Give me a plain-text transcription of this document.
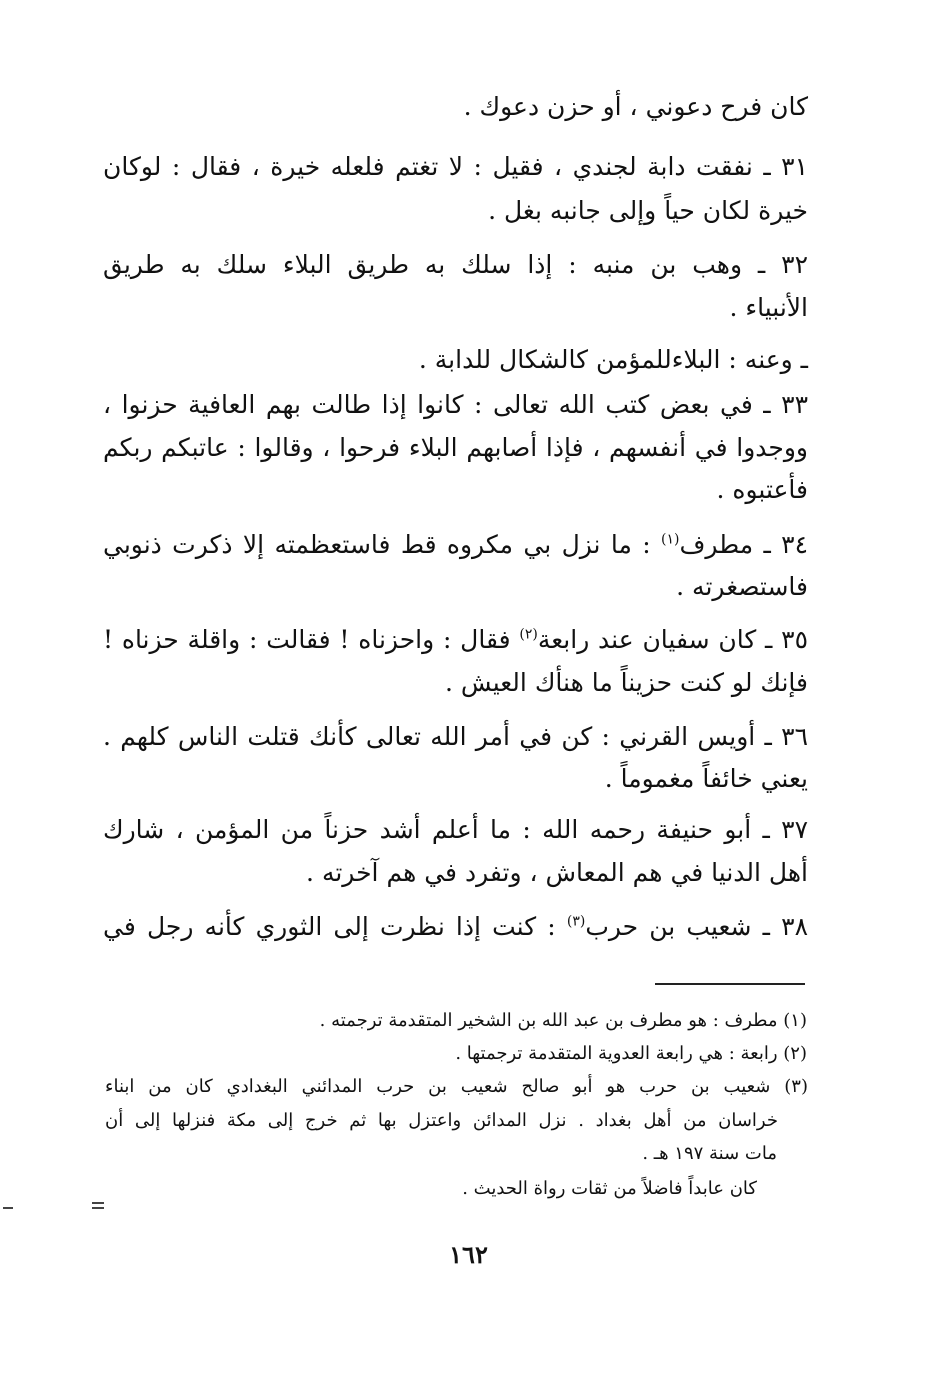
كان فرح دعوني ، أو حزن دعوك .
٣١ ـ نفقت دابة لجندي ، فقيل : لا تغتم فلعله خيرة ، فقال : لوكان
خيرة لكان حياً وإلى جانبه بغل .
٣٢ ـ وهب بن منبه : إذا سلك به طريق البلاء سلك به طريق
الأنبياء .
ـ وعنه : البلاءللمؤمن كالشكال للدابة .
٣٣ ـ في بعض كتب الله تعالى : كانوا إذا طالت بهم العافية حزنوا ،
ووجدوا في أنفسهم ، فإذا أصابهم البلاء فرحوا ، وقالوا : عاتبكم ربكم
فأعتبوه .
٣٤ ـ مطرف$^{(١)}$ : ما نزل بي مكروه قط فاستعظمته إلا ذكرت ذنوبي
فاستصغرته .
٣٥ ـ كان سفيان عند رابعة$^{(٢)}$ فقال : واحزناه ! فقالت : واقلة حزناه !
فإنك لو كنت حزيناً ما هنأك العيش .
٣٦ ـ أويس القرني : كن في أمر الله تعالى كأنك قتلت الناس كلهم .
يعني خائفاً مغموماً .
٣٧ ـ أبو حنيفة رحمه الله : ما أعلم أشد حزناً من المؤمن ، شارك
أهل الدنيا في هم المعاش ، وتفرد في هم آخرته .
٣٨ ـ شعيب بن حرب$^{(٣)}$ : كنت إذا نظرت إلى الثوري كأنه رجل في
(١) مطرف : هو مطرف بن عبد الله بن الشخير المتقدمة ترجمته .
(٢) رابعة : هي رابعة العدوية المتقدمة ترجمتها .
(٣) شعيب بن حرب هو أبو صالح شعيب بن حرب المدائني البغدادي كان من ابناء
خراسان من أهل بغداد . نزل المدائن واعتزل بها ثم خرج إلى مكة فنزلها إلى أن
مات سنة ١٩٧ هـ .
كان عابداً فاضلاً من ثقات رواة الحديث .
١٦٢
